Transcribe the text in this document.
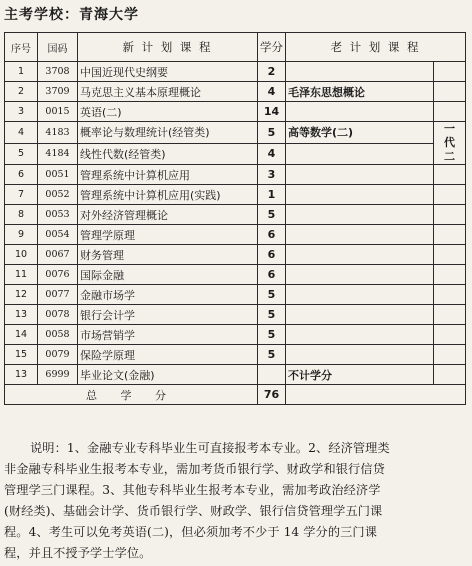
主考学校：青海大学
序号	国码	新 计 划 课 程	学分	老 计 划 课 程	
1	3708	中国近现代史纲要	2		
2	3709	马克思主义基本原理概论	4	毛泽东思想概论	
3	0015	英语(二)	14		
4	4183	概率论与数理统计(经管类)	5	高等数学(二)	一
代
二

5	4184	线性代数(经管类)	4		
6	0051	管理系统中计算机应用	3		
7	0052	管理系统中计算机应用(实践)	1		
8	0053	对外经济管理概论	5		
9	0054	管理学原理	6		
10	0067	财务管理	6		
11	0076	国际金融	6		
12	0077	金融市场学	5		
13	0078	银行会计学	5		
14	0058	市场营销学	5		
15	0079	保险学原理	5		
13	6999	毕业论文(金融)		不计学分	
总 学 分			76		
说明：1、金融专业专科毕业生可直接报考本专业。2、经济管理类
非金融专科毕业生报考本专业，需加考货币银行学、财政学和银行信贷
管理学三门课程。3、其他专科毕业生报考本专业，需加考政治经济学
(财经类)、基础会计学、货币银行学、财政学、银行信贷管理学五门课
程。4、考生可以免考英语(二)，但必须加考不少于 14 学分的三门课
程，并且不授予学士学位。
